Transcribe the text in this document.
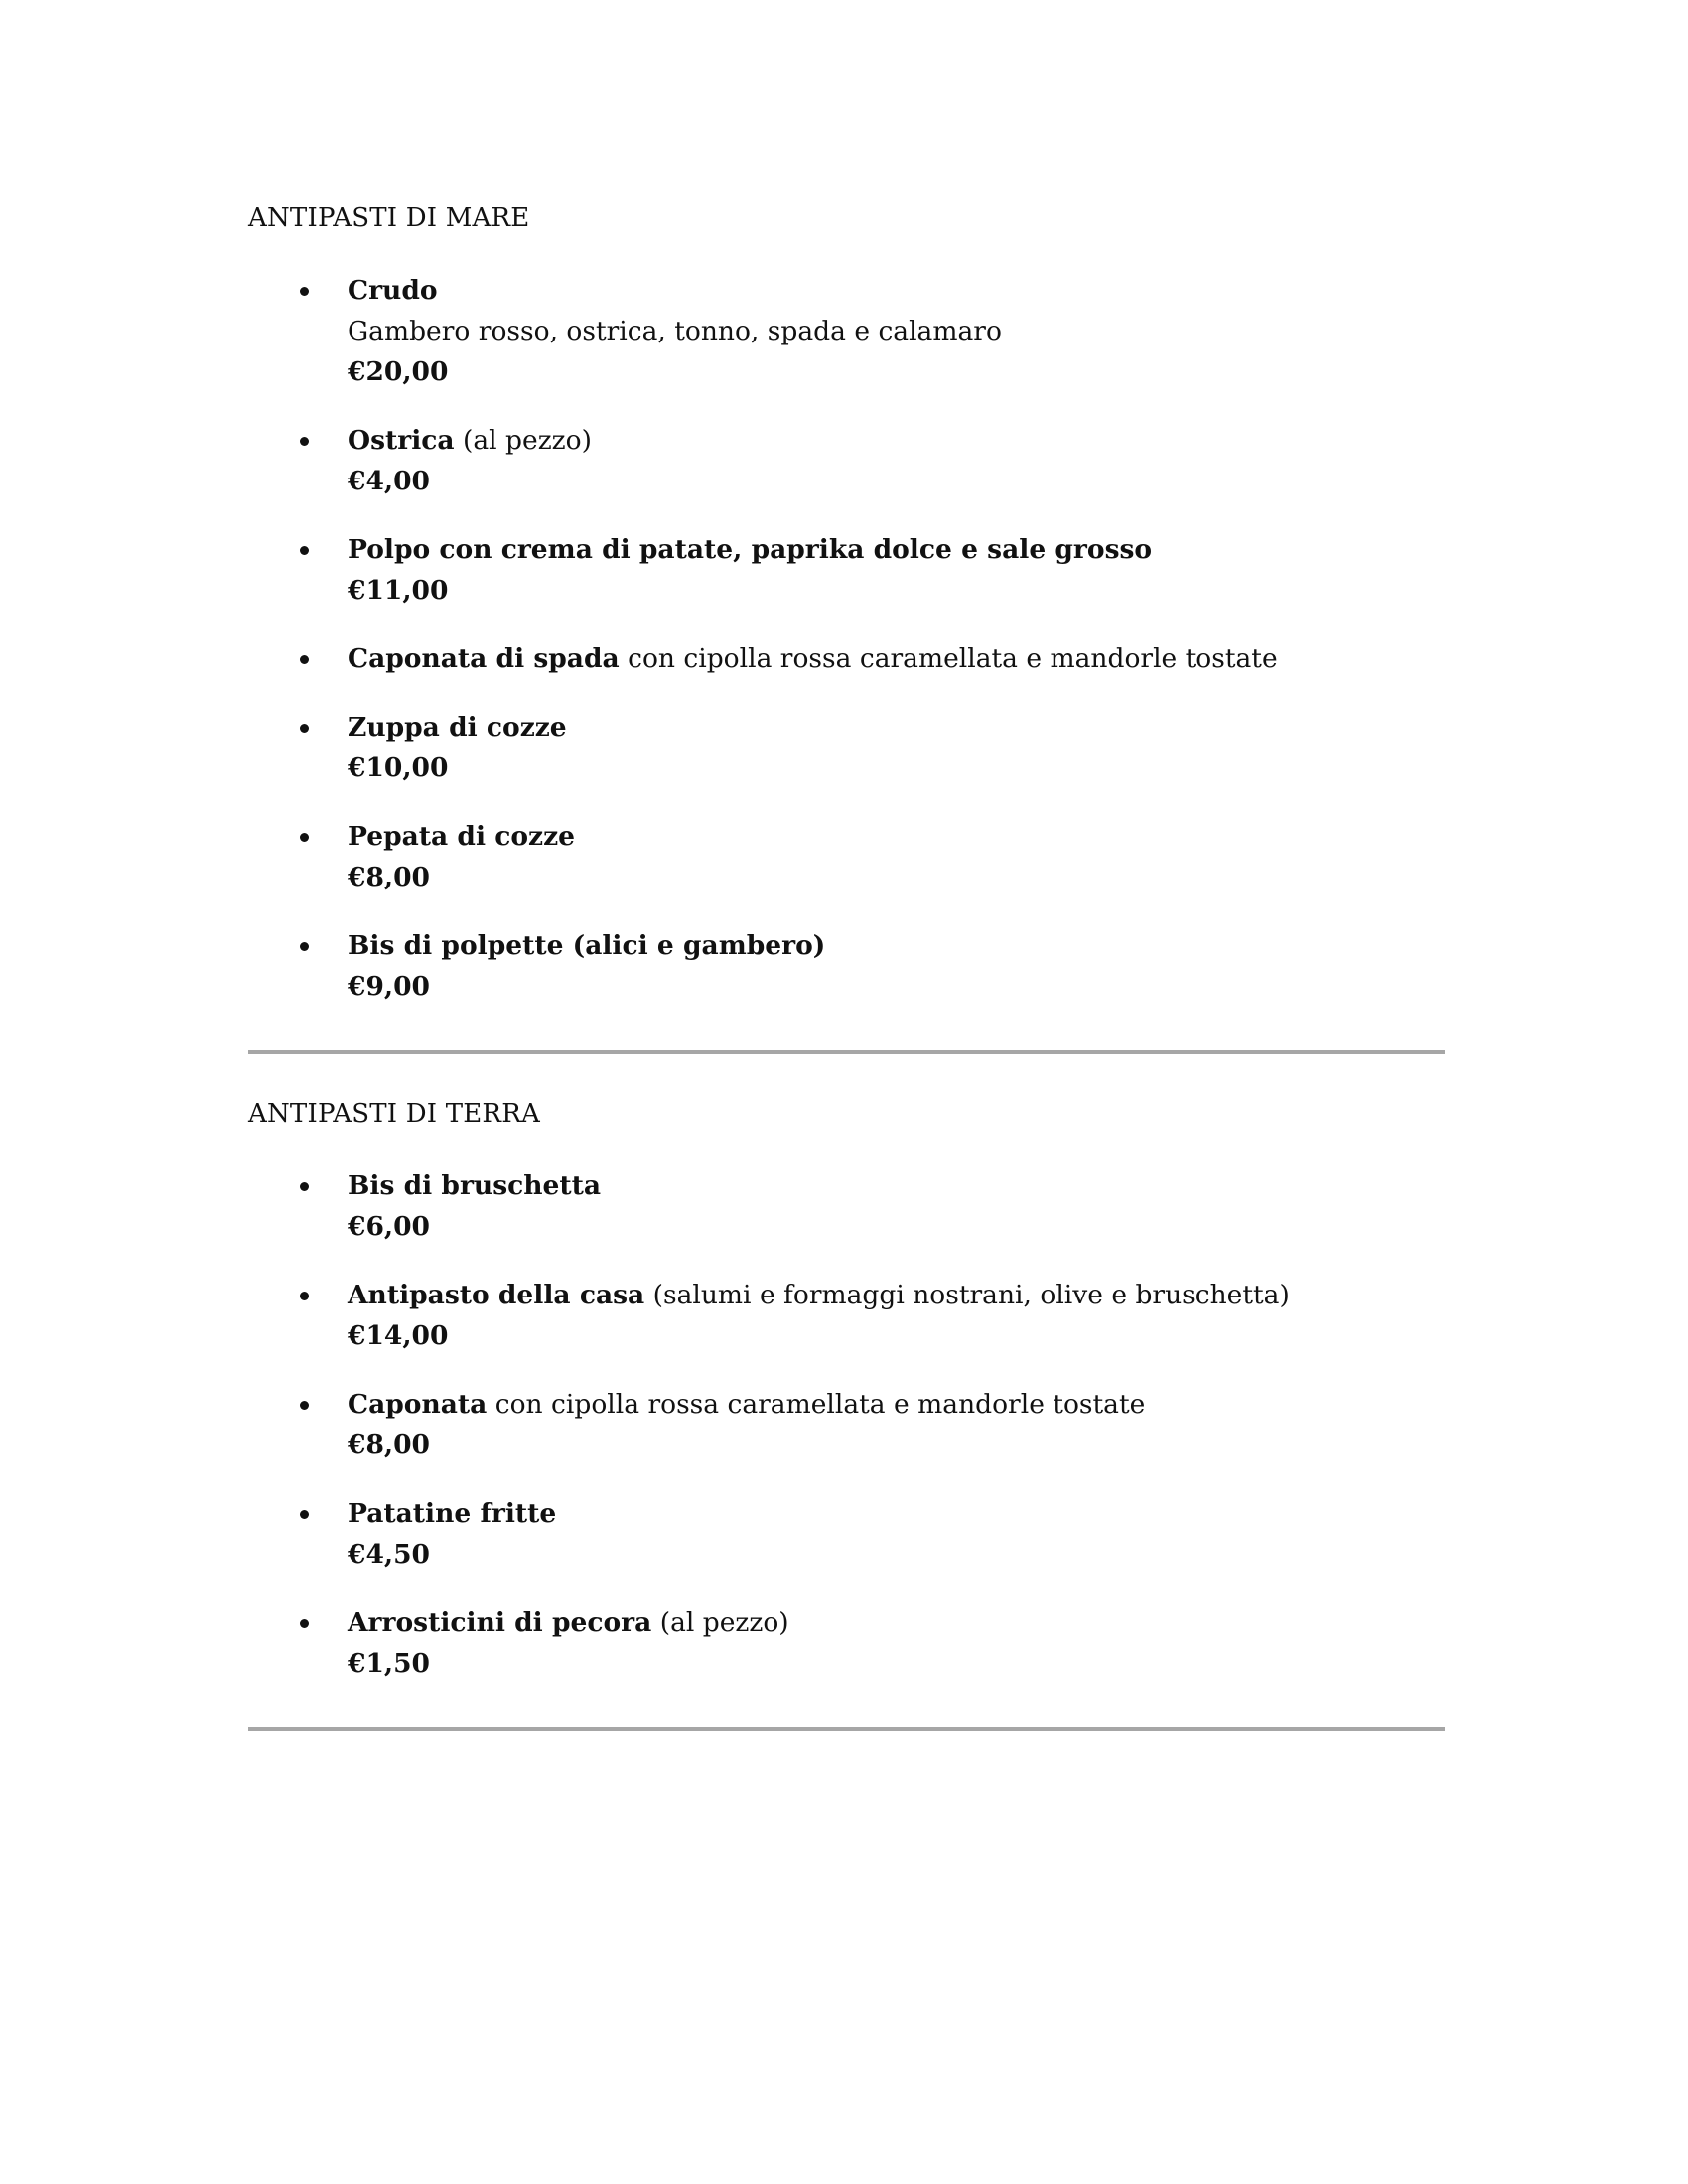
ANTIPASTI DI MARE
Crudo
Gambero rosso, ostrica, tonno, spada e calamaro
€20,00
Ostrica (al pezzo)
€4,00
Polpo con crema di patate, paprika dolce e sale grosso
€11,00
Caponata di spada con cipolla rossa caramellata e mandorle tostate
Zuppa di cozze
€10,00
Pepata di cozze
€8,00
Bis di polpette (alici e gambero)
€9,00
ANTIPASTI DI TERRA
Bis di bruschetta
€6,00
Antipasto della casa (salumi e formaggi nostrani, olive e bruschetta)
€14,00
Caponata con cipolla rossa caramellata e mandorle tostate
€8,00
Patatine fritte
€4,50
Arrosticini di pecora (al pezzo)
€1,50
